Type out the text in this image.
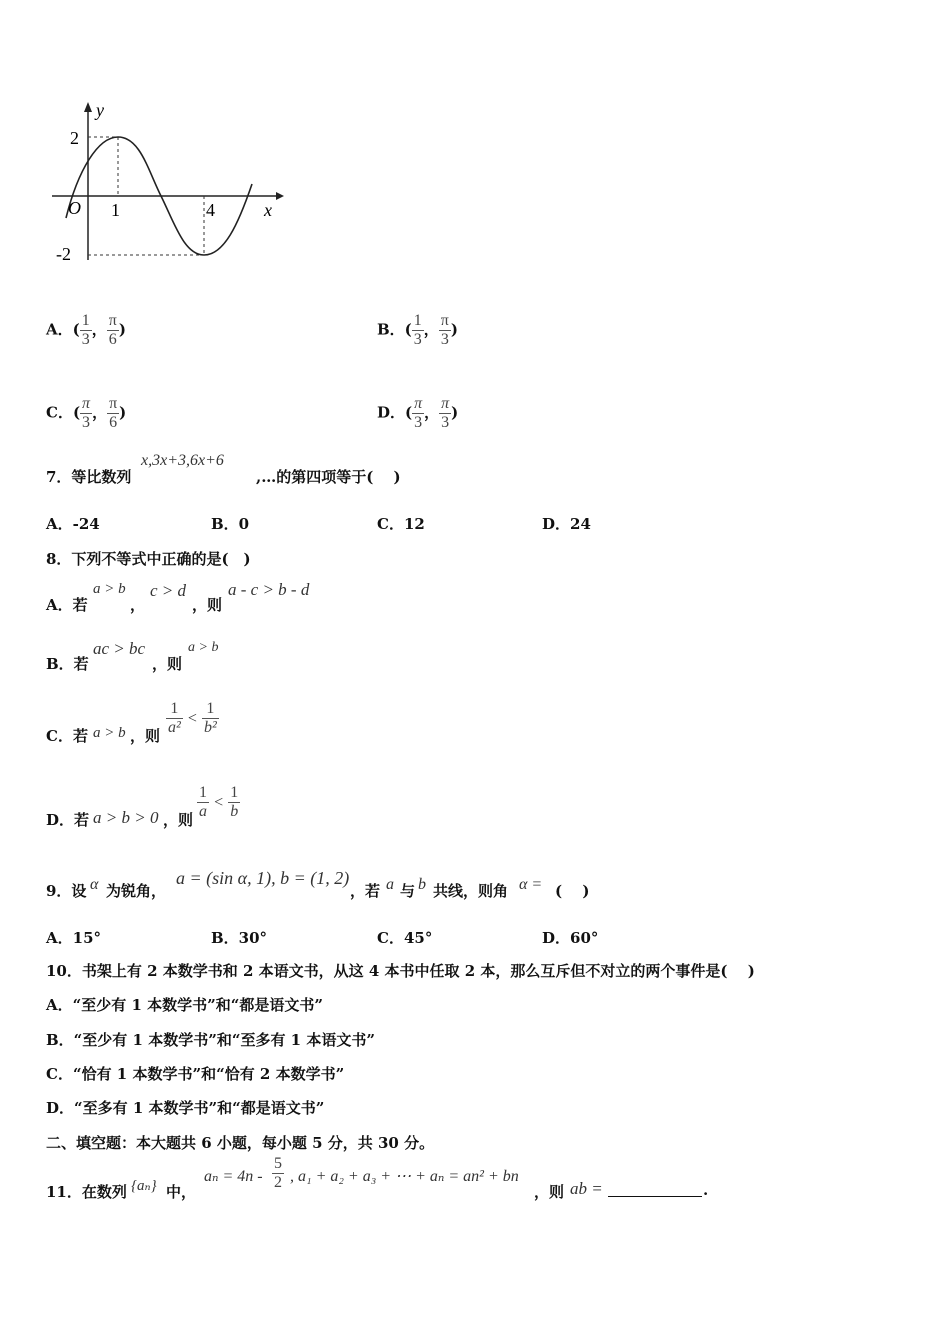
y
x
O
2
-2
1	4
A．( $\frac{1}{3}$ ， $\frac{\pi}{6}$ )	B．( $\frac{1}{3}$ ， $\frac{\pi}{3}$ )
C．( $\frac{\pi}{3}$ ， $\frac{\pi}{6}$ )	D．( $\frac{\pi}{3}$ ， $\frac{\pi}{3}$ )
7．等比数列
x,3x+3,6x+6
,…的第四项等于(　 )
A．-24	B．0	C．12	D．24
8．下列不等式中正确的是(　)
A．若
a > b
，
c > d
，则
a - c > b - d
B．若
ac > bc
，则
a > b
C．若 a > b ，则 $\frac{1}{\text{a²}} < \frac{1}{\text{b²}}$
D．若 a > b > 0 ，则 $\frac{1}{a} < \frac{1}{b}$
9．设 α 为锐角，
a = (sin α, 1), b = (1, 2)
，若 a 与 b 共线，则角 α = (　 )
A．15°	B．30°	C．45°	D．60°
10．书架上有 2 本数学书和 2 本语文书，从这 4 本书中任取 2 本，那么互斥但不对立的两个事件是(　 )
A．“至少有 1 本数学书”和“都是语文书”
B．“至少有 1 本数学书”和“至多有 1 本语文书”
C．“恰有 1 本数学书”和“恰有 2 本数学书”
D．“至多有 1 本数学书”和“都是语文书”
二、填空题：本大题共 6 小题，每小题 5 分，共 30 分。
11．在数列 {aₙ} 中，
$a_n = 4n - \frac{5}{2}$ , a₁ + a₂ + a₃ + ⋯ + aₙ = an² + bn
，则 ab =	.
